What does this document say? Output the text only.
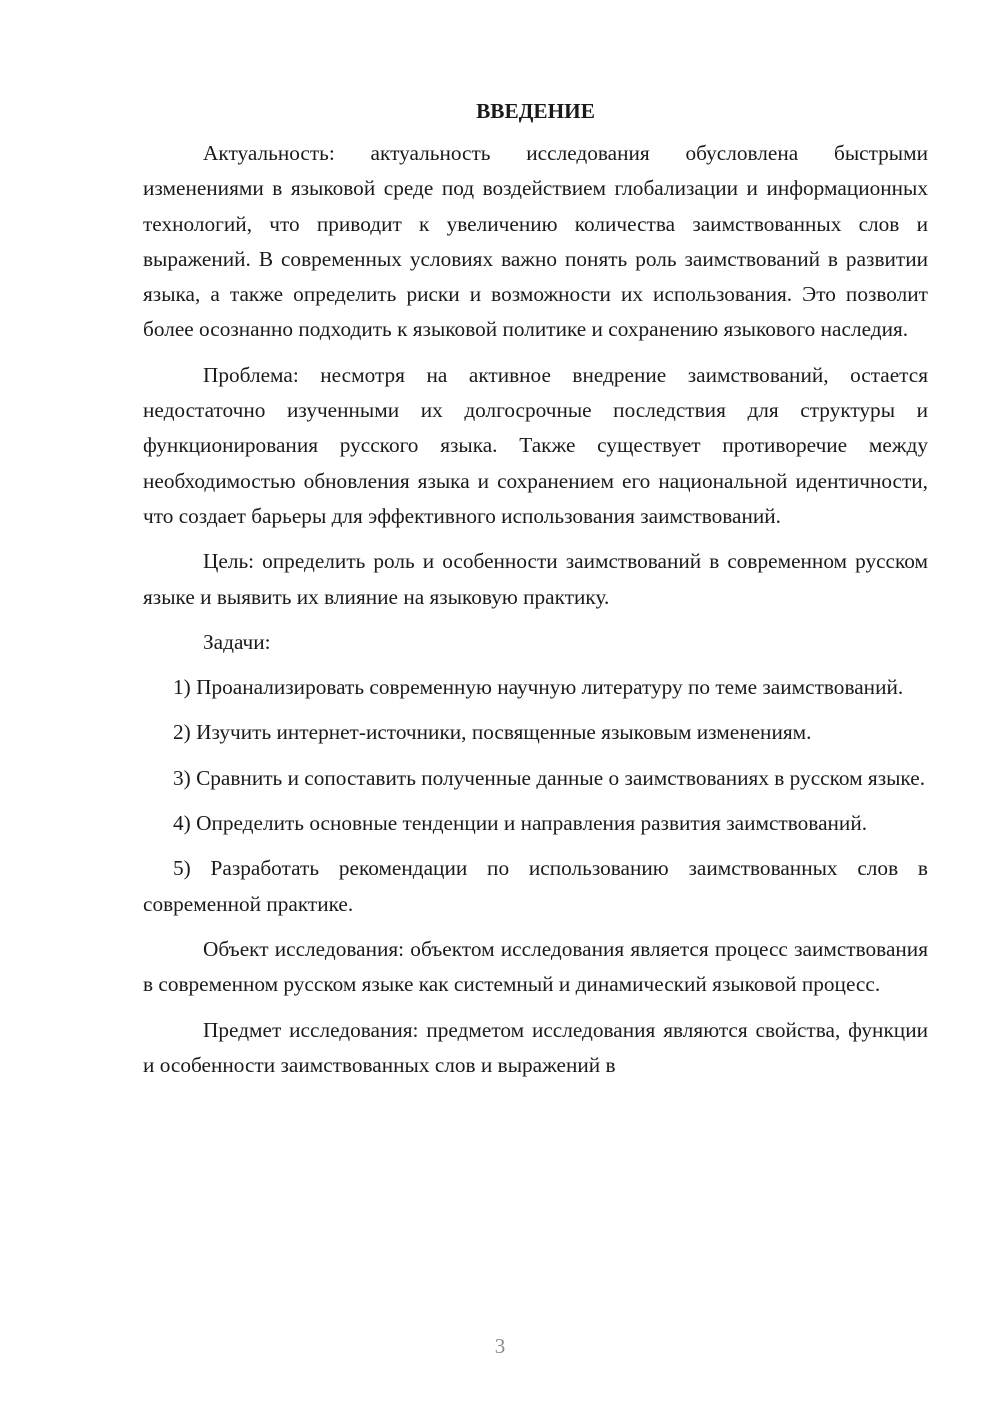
ВВЕДЕНИЕ

Актуальность: актуальность исследования обусловлена быстрыми изменениями в языковой среде под воздействием глобализации и информационных технологий, что приводит к увеличению количества заимствованных слов и выражений. В современных условиях важно понять роль заимствований в развитии языка, а также определить риски и возможности их использования. Это позволит более осознанно подходить к языковой политике и сохранению языкового наследия.

Проблема: несмотря на активное внедрение заимствований, остается недостаточно изученными их долгосрочные последствия для структуры и функционирования русского языка. Также существует противоречие между необходимостью обновления языка и сохранением его национальной идентичности, что создает барьеры для эффективного использования заимствований.

Цель: определить роль и особенности заимствований в современном русском языке и выявить их влияние на языковую практику.

Задачи:

1) Проанализировать современную научную литературу по теме заимствований.

2) Изучить интернет-источники, посвященные языковым изменениям.

3) Сравнить и сопоставить полученные данные о заимствованиях в русском языке.

4) Определить основные тенденции и направления развития заимствований.

5) Разработать рекомендации по использованию заимствованных слов в современной практике.

Объект исследования: объектом исследования является процесс заимствования в современном русском языке как системный и динамический языковой процесс.

Предмет исследования: предметом исследования являются свойства, функции и особенности заимствованных слов и выражений в

3
